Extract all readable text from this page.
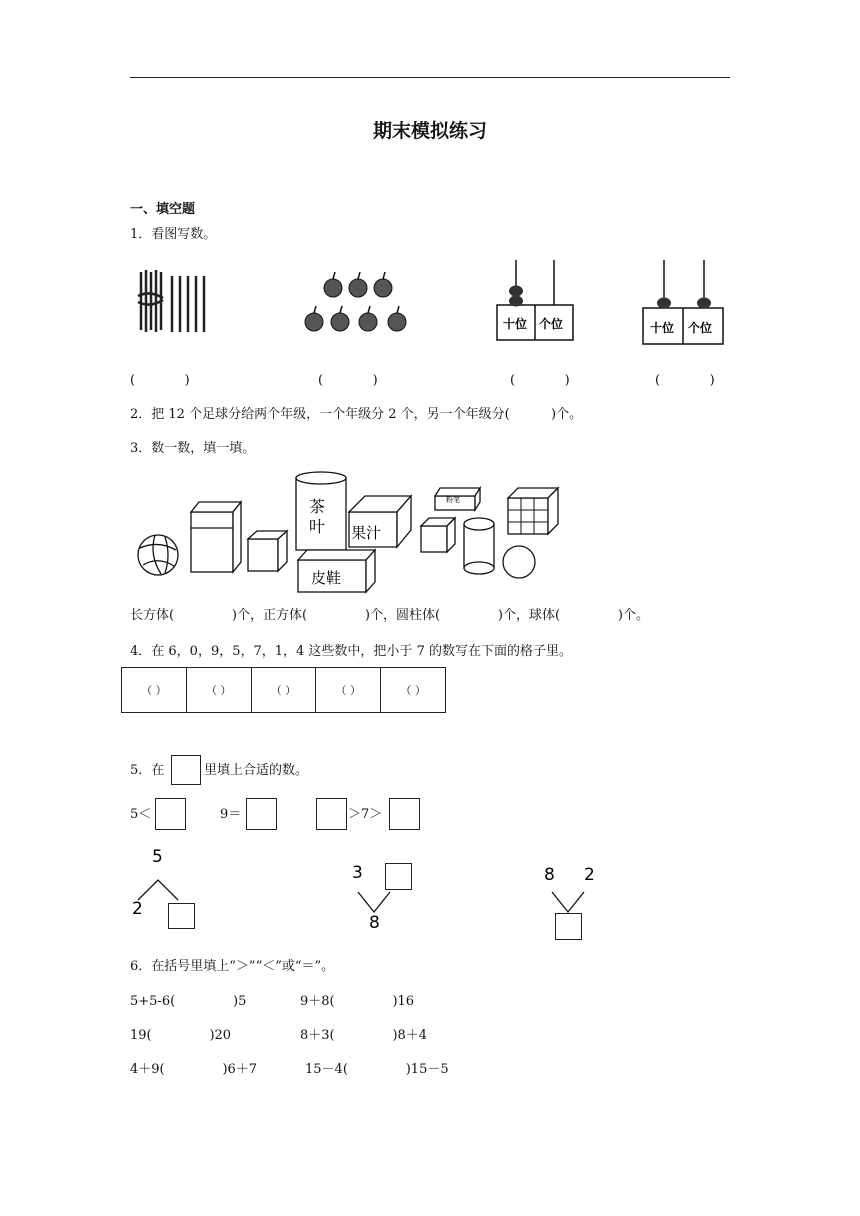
期末模拟练习
一、填空题
1．看图写数。
十位 个位	十位 个位
(            )	(            )	(            )	(            )
2．把 12 个足球分给两个年级，一个年级分 2 个，另一个年级分(          )个。
3．数一数，填一填。
茶
叶 果汁
皮鞋
粉笔
长方体(              )个，正方体(              )个，圆柱体(              )个，球体(              )个。
4．在 6，0，9，5，7，1，4 这些数中，把小于 7 的数写在下面的格子里。
（ ）	（ ）	（ ）	（ ）	（ ）
5．在	里填上合适的数。
5＜	9＝	＞7＞
5
2
3
8
8 2
6．在括号里填上“＞”“＜”或“＝”。
5+5-6(              )5	9＋8(              )16
19(              )20	8＋3(              )8＋4
4＋9(              )6＋7	15－4(              )15－5
